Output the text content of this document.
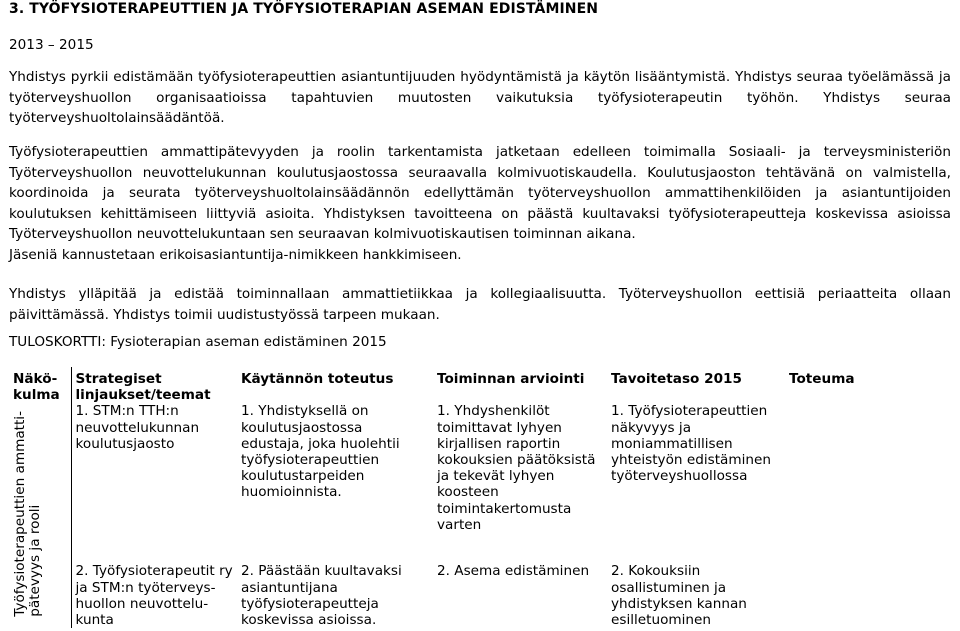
3. TYÖFYSIOTERAPEUTTIEN JA TYÖFYSIOTERAPIAN ASEMAN EDISTÄMINEN
2013 – 2015

Yhdistys pyrkii edistämään työfysioterapeuttien asiantuntijuuden hyödyntämistä ja käytön lisääntymistä. Yhdistys seuraa työelämässä ja työterveyshuollon organisaatioissa tapahtuvien muutosten vaikutuksia työfysioterapeutin työhön. Yhdistys seuraa työterveyshuoltolainsäädäntöä.

Työfysioterapeuttien ammattipätevyyden ja roolin tarkentamista jatketaan edelleen toimimalla Sosiaali- ja terveysministeriön Työterveyshuollon neuvottelukunnan koulutusjaostossa seuraavalla kolmivuotiskaudella. Koulutusjaoston tehtävänä on valmistella, koordinoida ja seurata työterveyshuoltolainsäädännön edellyttämän työterveyshuollon ammattihenkilöiden ja asiantuntijoiden koulutuksen kehittämiseen liittyviä asioita. Yhdistyksen tavoitteena on päästä kuultavaksi työfysioterapeutteja koskevissa asioissa Työterveyshuollon neuvottelukuntaan sen seuraavan kolmivuotiskautisen toiminnan aikana.

Jäseniä kannustetaan erikoisasiantuntija-nimikkeen hankkimiseen.

Yhdistys ylläpitää ja edistää toiminnallaan ammattietiikkaa ja kollegiaalisuutta. Työterveyshuollon eettisiä periaatteita ollaan päivittämässä. Yhdistys toimii uudistustyössä tarpeen mukaan.

TULOSKORTTI: Fysioterapian aseman edistäminen 2015
Näkö-
kulma	Strategiset linjaukset/teemat	Käytännön toteutus	Toiminnan arviointi	Tavoitetaso 2015	Toteuma

Työfysioterapeuttien ammatti- pätevyys ja rooli	1. STM:n TTH:n neuvottelukunnan koulutusjaosto	1. Yhdistyksellä on koulutusjaostossa edustaja, joka huolehtii työfysioterapeuttien koulutustarpeiden huomioinnista.	1. Yhdyshenkilöt toimittavat lyhyen kirjallisen raportin kokouksien päätöksistä ja tekevät lyhyen koosteen toimintakertomusta varten	1. Työfysioterapeuttien näkyvyys ja moniammatillisen yhteistyön edistäminen työterveyshuollossa	
	2. Työfysioterapeutit ry ja STM:n työterveyshuollon neuvottelukunta	2. Päästään kuultavaksi asiantuntijana työfysioterapeutteja koskevissa asioissa.	2. Asema edistäminen	2. Kokouksiin osallistuminen ja yhdistyksen kannan esilletuominen	
